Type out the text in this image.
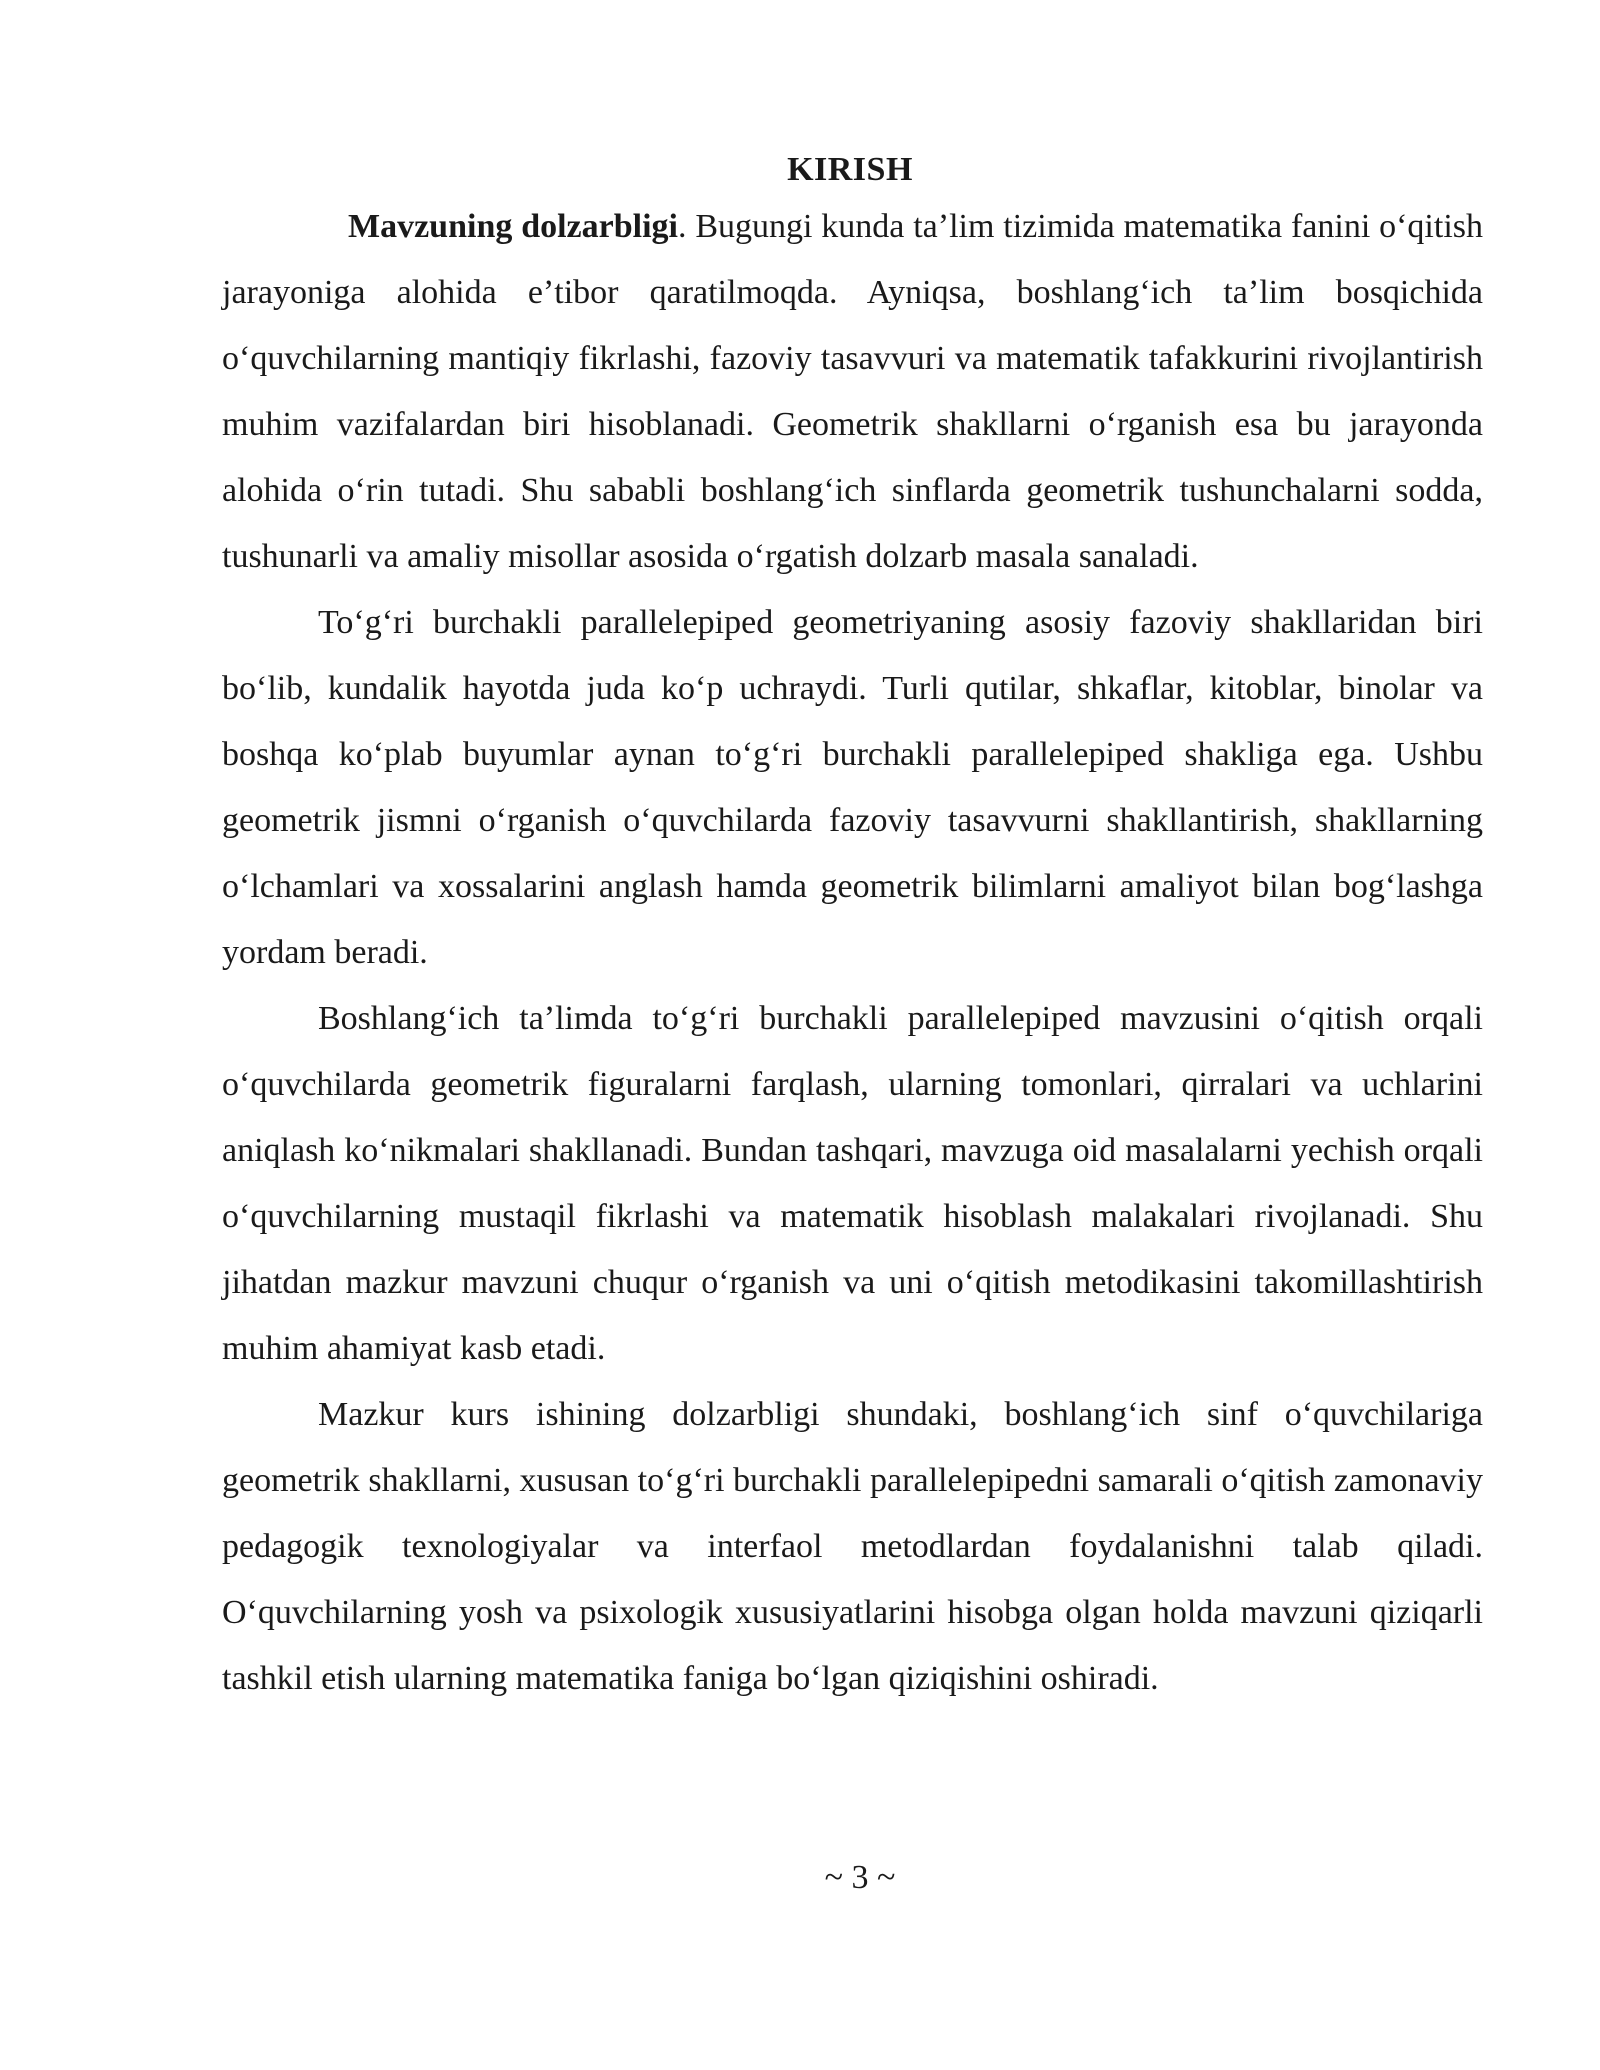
KIRISH

Mavzuning dolzarbligi. Bugungi kunda taʼlim tizimida matematika fanini oʻqitish jarayoniga alohida eʼtibor qaratilmoqda. Ayniqsa, boshlangʻich taʼlim bosqichida oʻquvchilarning mantiqiy fikrlashi, fazoviy tasavvuri va matematik tafakkurini rivojlantirish muhim vazifalardan biri hisoblanadi. Geometrik shakllarni oʻrganish esa bu jarayonda alohida oʻrin tutadi. Shu sababli boshlangʻich sinflarda geometrik tushunchalarni sodda, tushunarli va amaliy misollar asosida oʻrgatish dolzarb masala sanaladi.

Toʻgʻri burchakli parallelepiped geometriyaning asosiy fazoviy shakllaridan biri boʻlib, kundalik hayotda juda koʻp uchraydi. Turli qutilar, shkaflar, kitoblar, binolar va boshqa koʻplab buyumlar aynan toʻgʻri burchakli parallelepiped shakliga ega. Ushbu geometrik jismni oʻrganish oʻquvchilarda fazoviy tasavvurni shakllantirish, shakllarning oʻlchamlari va xossalarini anglash hamda geometrik bilimlarni amaliyot bilan bogʻlashga yordam beradi.

Boshlangʻich taʼlimda toʻgʻri burchakli parallelepiped mavzusini oʻqitish orqali oʻquvchilarda geometrik figuralarni farqlash, ularning tomonlari, qirralari va uchlarini aniqlash koʻnikmalari shakllanadi. Bundan tashqari, mavzuga oid masalalarni yechish orqali oʻquvchilarning mustaqil fikrlashi va matematik hisoblash malakalari rivojlanadi. Shu jihatdan mazkur mavzuni chuqur oʻrganish va uni oʻqitish metodikasini takomillashtirish muhim ahamiyat kasb etadi.

Mazkur kurs ishining dolzarbligi shundaki, boshlangʻich sinf oʻquvchilariga geometrik shakllarni, xususan toʻgʻri burchakli parallelepipedni samarali oʻqitish zamonaviy pedagogik texnologiyalar va interfaol metodlardan foydalanishni talab qiladi. Oʻquvchilarning yosh va psixologik xususiyatlarini hisobga olgan holda mavzuni qiziqarli tashkil etish ularning matematika faniga boʻlgan qiziqishini oshiradi.

~ 3 ~
